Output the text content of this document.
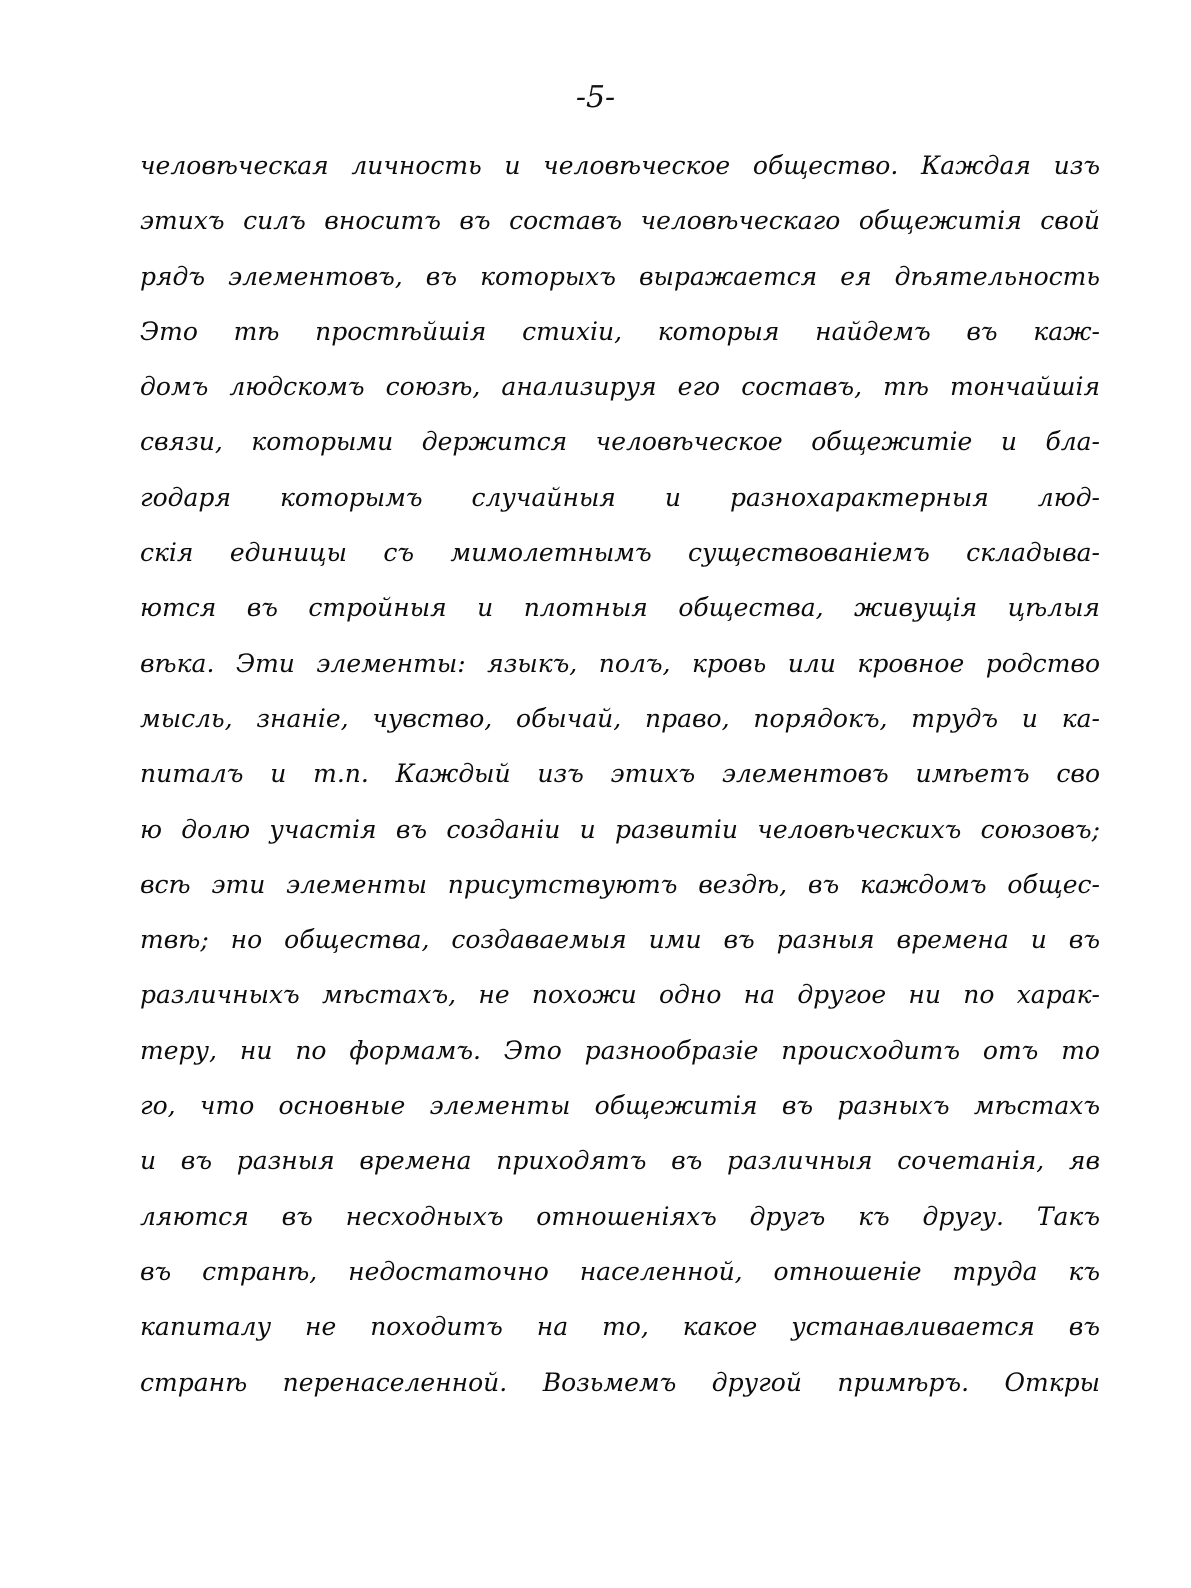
-5-
человѣческая личность и человѣческое общество. Каждая изъ
этихъ силъ вноситъ въ составъ человѣческаго общежитія свой
рядъ элементовъ, въ которыхъ выражается ея дѣятельность
Это тѣ простѣйшія стихіи, которыя найдемъ въ каж-
домъ людскомъ союзѣ, анализируя его составъ, тѣ тончайшія
связи, которыми держится человѣческое общежитіе и бла-
годаря которымъ случайныя и разнохарактерныя люд-
скія единицы съ мимолетнымъ существованіемъ складыва-
ются въ стройныя и плотныя общества, живущія цѣлыя
вѣка. Эти элементы: языкъ, полъ, кровь или кровное родство
мысль, знаніе, чувство, обычай, право, порядокъ, трудъ и ка-
питалъ и т.п. Каждый изъ этихъ элементовъ имѣетъ сво
ю долю участія въ созданіи и развитіи человѣческихъ союзовъ;
всѣ эти элементы присутствуютъ вездѣ, въ каждомъ общес-
твѣ; но общества, создаваемыя ими въ разныя времена и въ
различныхъ мѣстахъ, не похожи одно на другое ни по харак-
теру, ни по формамъ. Это разнообразіе происходитъ отъ то
го, что основные элементы общежитія въ разныхъ мѣстахъ
и въ разныя времена приходятъ въ различныя сочетанія, яв
ляются въ несходныхъ отношеніяхъ другъ къ другу. Такъ
въ странѣ, недостаточно населенной, отношеніе труда къ
капиталу не походитъ на то, какое устанавливается въ
странѣ перенаселенной. Возьмемъ другой примѣръ. Откры
